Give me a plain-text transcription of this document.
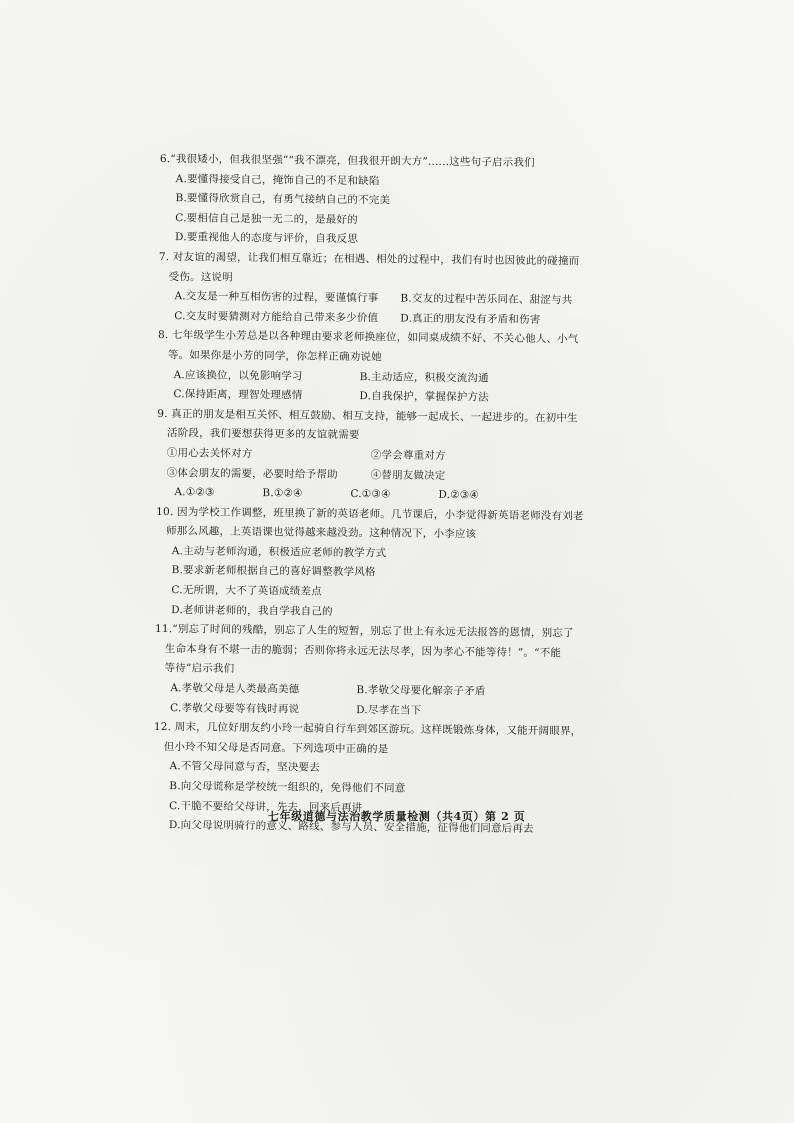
6.“我很矮小，但我很坚强”“我不漂亮，但我很开朗大方”......这些句子启示我们
A.要懂得接受自己，掩饰自己的不足和缺陷
B.要懂得欣赏自己，有勇气接纳自己的不完美
C.要相信自己是独一无二的，是最好的
D.要重视他人的态度与评价，自我反思
7. 对友谊的渴望，让我们相互靠近；在相遇、相处的过程中，我们有时也因彼此的碰撞而
受伤。这说明
A.交友是一种互相伤害的过程，要谨慎行事	B.交友的过程中苦乐同在、甜涩与共
C.交友时要猜测对方能给自己带来多少价值	D.真正的朋友没有矛盾和伤害
8. 七年级学生小芳总是以各种理由要求老师换座位，如同桌成绩不好、不关心他人、小气
等。如果你是小芳的同学，你怎样正确劝说她
A.应该换位，以免影响学习	B.主动适应，积极交流沟通
C.保持距离，理智处理感情	D.自我保护，掌握保护方法
9. 真正的朋友是相互关怀、相互鼓励、相互支持，能够一起成长、一起进步的。在初中生
活阶段，我们要想获得更多的友谊就需要
①用心去关怀对方	②学会尊重对方
③体会朋友的需要，必要时给予帮助	④替朋友做决定
A.①②③	B.①②④	C.①③④	D.②③④
10. 因为学校工作调整，班里换了新的英语老师。几节课后，小李觉得新英语老师没有刘老
师那么风趣，上英语课也觉得越来越没劲。这种情况下，小李应该
A.主动与老师沟通，积极适应老师的教学方式
B.要求新老师根据自己的喜好调整教学风格
C.无所谓，大不了英语成绩差点
D.老师讲老师的，我自学我自己的
11.“别忘了时间的残酷，别忘了人生的短暂，别忘了世上有永远无法报答的恩情，别忘了
生命本身有不堪一击的脆弱；否则你将永远无法尽孝，因为孝心不能等待！”。“不能
等待”启示我们
A.孝敬父母是人类最高美德	B.孝敬父母要化解亲子矛盾
C.孝敬父母要等有钱时再说	D.尽孝在当下
12. 周末，几位好朋友约小玲一起骑自行车到郊区游玩。这样既锻炼身体，又能开阔眼界，
但小玲不知父母是否同意。下列选项中正确的是
A.不管父母同意与否，坚决要去
B.向父母谎称是学校统一组织的，免得他们不同意
C.干脆不要给父母讲，先去，回来后再讲
D.向父母说明骑行的意义、路线、参与人员、安全措施，征得他们同意后再去
七年级道德与法治教学质量检测（共4页）第 2 页
